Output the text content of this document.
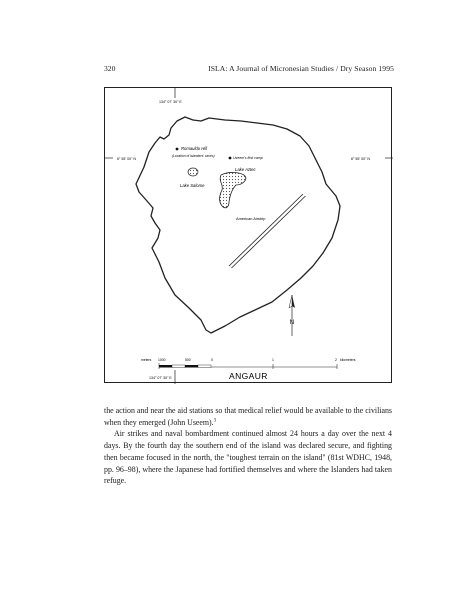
320	ISLA: A Journal of Micronesian Studies / Dry Season 1995
134° 07' 30" E
6° 55' 00" N	6° 55' 00" N
Romauldo Hill
(Location of islanders' caves)	Useem's first camp
Lake Aztec
Lake Salome
American Airstrip
N
meters 1000	500	0	1	2 kilometers
134° 07' 30" E	ANGAUR

the action and near the aid stations so that medical relief would be available to the civilians when they emerged (John Useem).$^3$

Air strikes and naval bombardment continued almost 24 hours a day over the next 4 days. By the fourth day the southern end of the island was declared secure, and fighting then became focused in the north, the "toughest terrain on the island" (81st WDHC, 1948, pp. 96–98), where the Japanese had fortified themselves and where the Islanders had taken refuge.
